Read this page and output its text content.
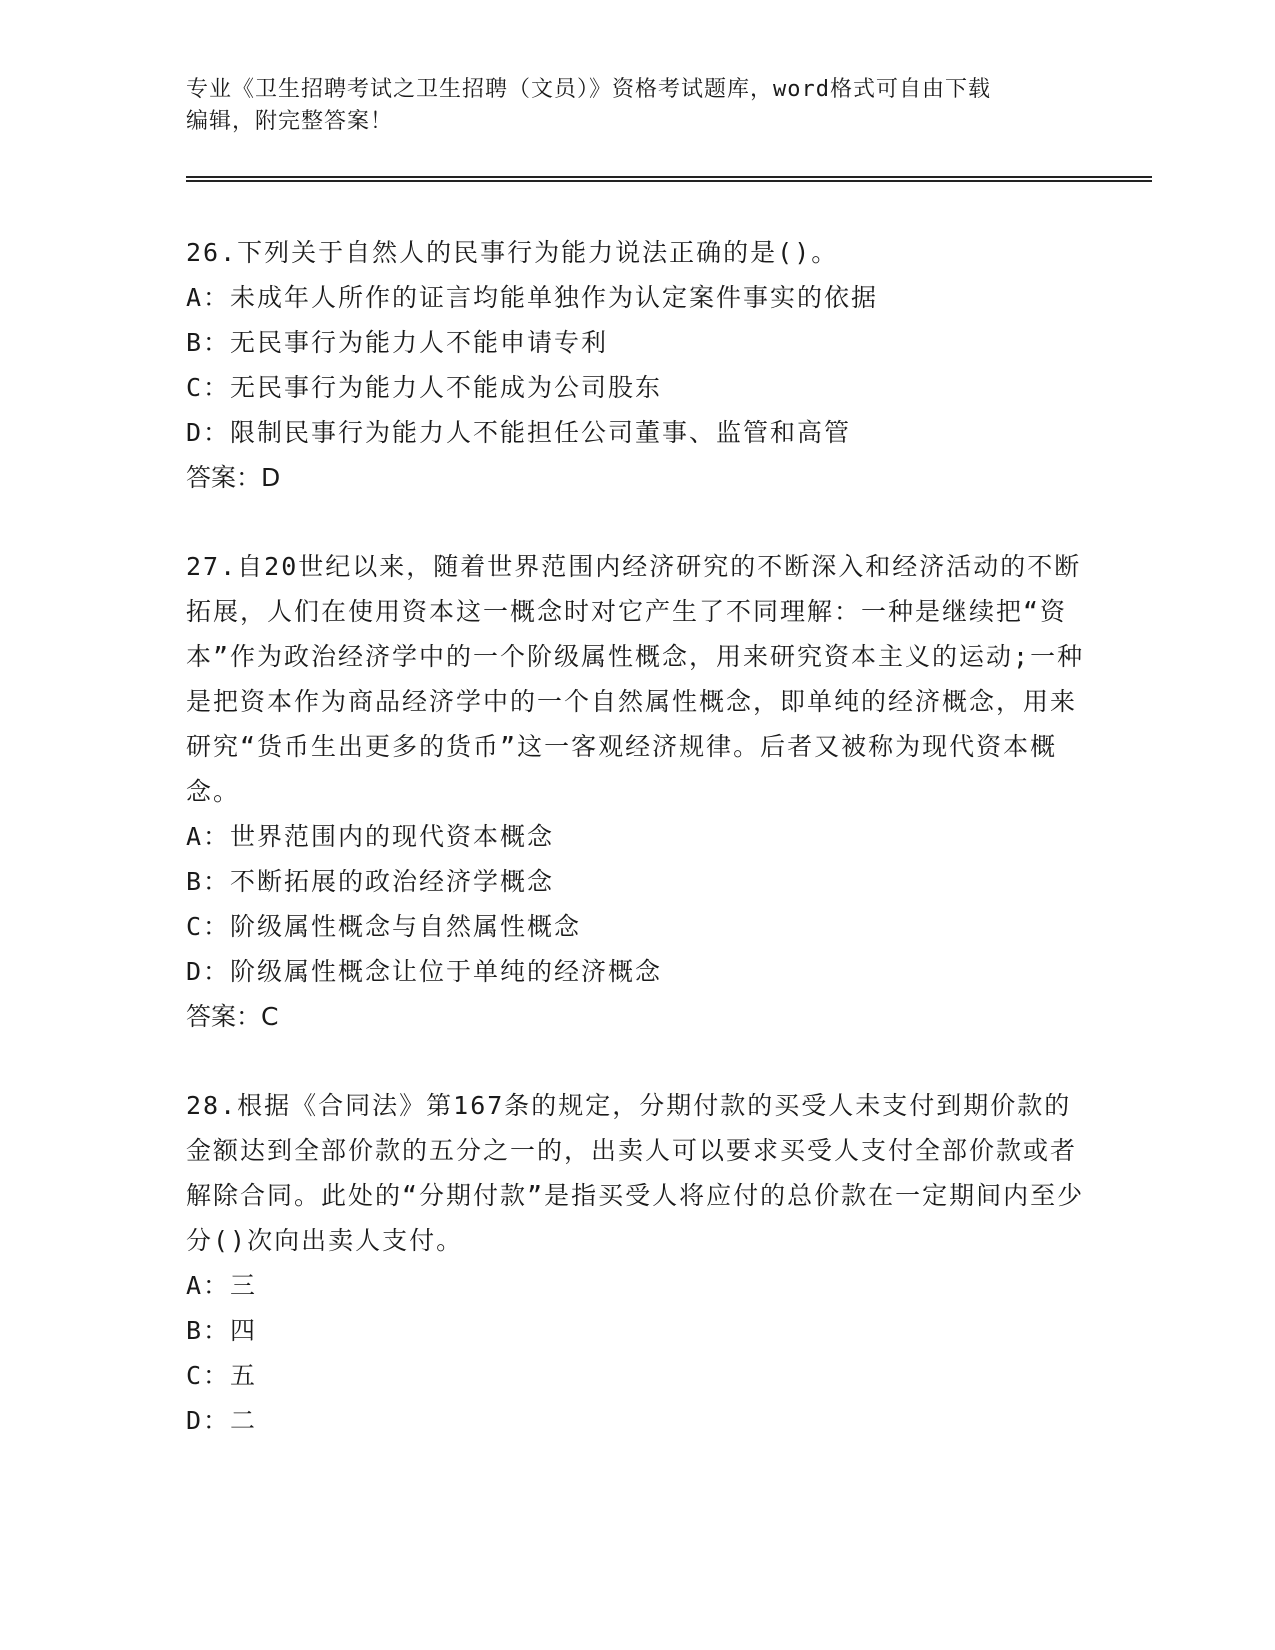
专业《卫生招聘考试之卫生招聘（文员）》资格考试题库，word格式可自由下载
编辑，附完整答案！

26.下列关于自然人的民事行为能力说法正确的是()。

A：未成年人所作的证言均能单独作为认定案件事实的依据

B：无民事行为能力人不能申请专利

C：无民事行为能力人不能成为公司股东

D：限制民事行为能力人不能担任公司董事、监管和高管

答案：D

27.自20世纪以来，随着世界范围内经济研究的不断深入和经济活动的不断拓展，人们在使用资本这一概念时对它产生了不同理解：一种是继续把“资本”作为政治经济学中的一个阶级属性概念，用来研究资本主义的运动;一种是把资本作为商品经济学中的一个自然属性概念，即单纯的经济概念，用来研究“货币生出更多的货币”这一客观经济规律。后者又被称为现代资本概念。

A：世界范围内的现代资本概念

B：不断拓展的政治经济学概念

C：阶级属性概念与自然属性概念

D：阶级属性概念让位于单纯的经济概念

答案：C

28.根据《合同法》第167条的规定，分期付款的买受人未支付到期价款的金额达到全部价款的五分之一的，出卖人可以要求买受人支付全部价款或者解除合同。此处的“分期付款”是指买受人将应付的总价款在一定期间内至少分()次向出卖人支付。

A：三

B：四

C：五

D：二
